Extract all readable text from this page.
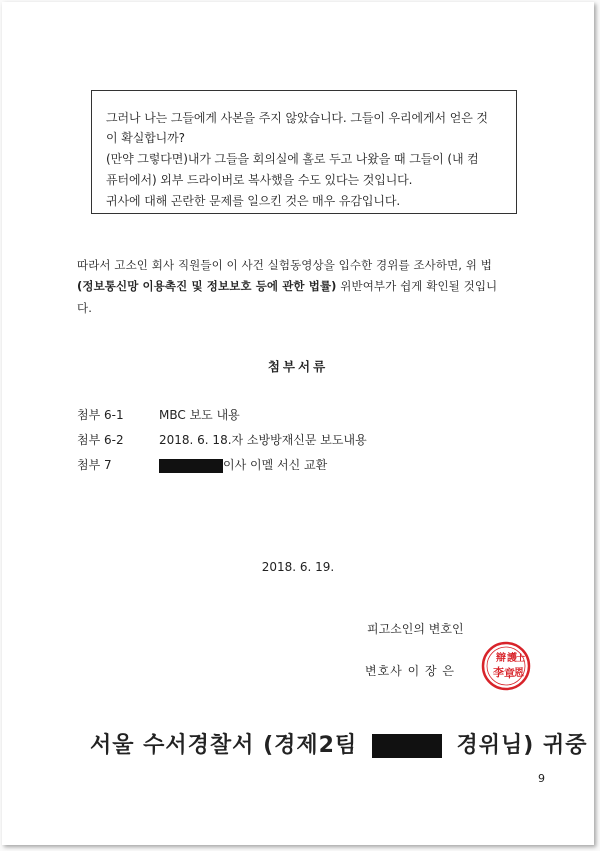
그러나 나는 그들에게 사본을 주지 않았습니다. 그들이 우리에게서 얻은 것

이 확실합니까?

(만약 그렇다면)내가 그들을 회의실에 홀로 두고 나왔을 때 그들이 (내 컴

퓨터에서) 외부 드라이버로 복사했을 수도 있다는 것입니다.

귀사에 대해 곤란한 문제를 일으킨 것은 매우 유감입니다.

따라서 고소인 회사 직원들이 이 사건 실험동영상을 입수한 경위를 조사하면, 위 법
(정보통신망 이용촉진 및 정보보호 등에 관한 법률) 위반여부가 쉽게 확인될 것입니
다.
첨부서류
첨부 6-1	MBC 보도 내용
첨부 6-2	2018. 6. 18.자 소방방재신문 보도내용
첨부 7	이사 이멜 서신 교환
2018. 6. 19.
피고소인의 변호인
변호사 이 장 은
辯 護 士
李 章 恩
서울 수서경찰서 (경제2팀	경위님) 귀중
9
